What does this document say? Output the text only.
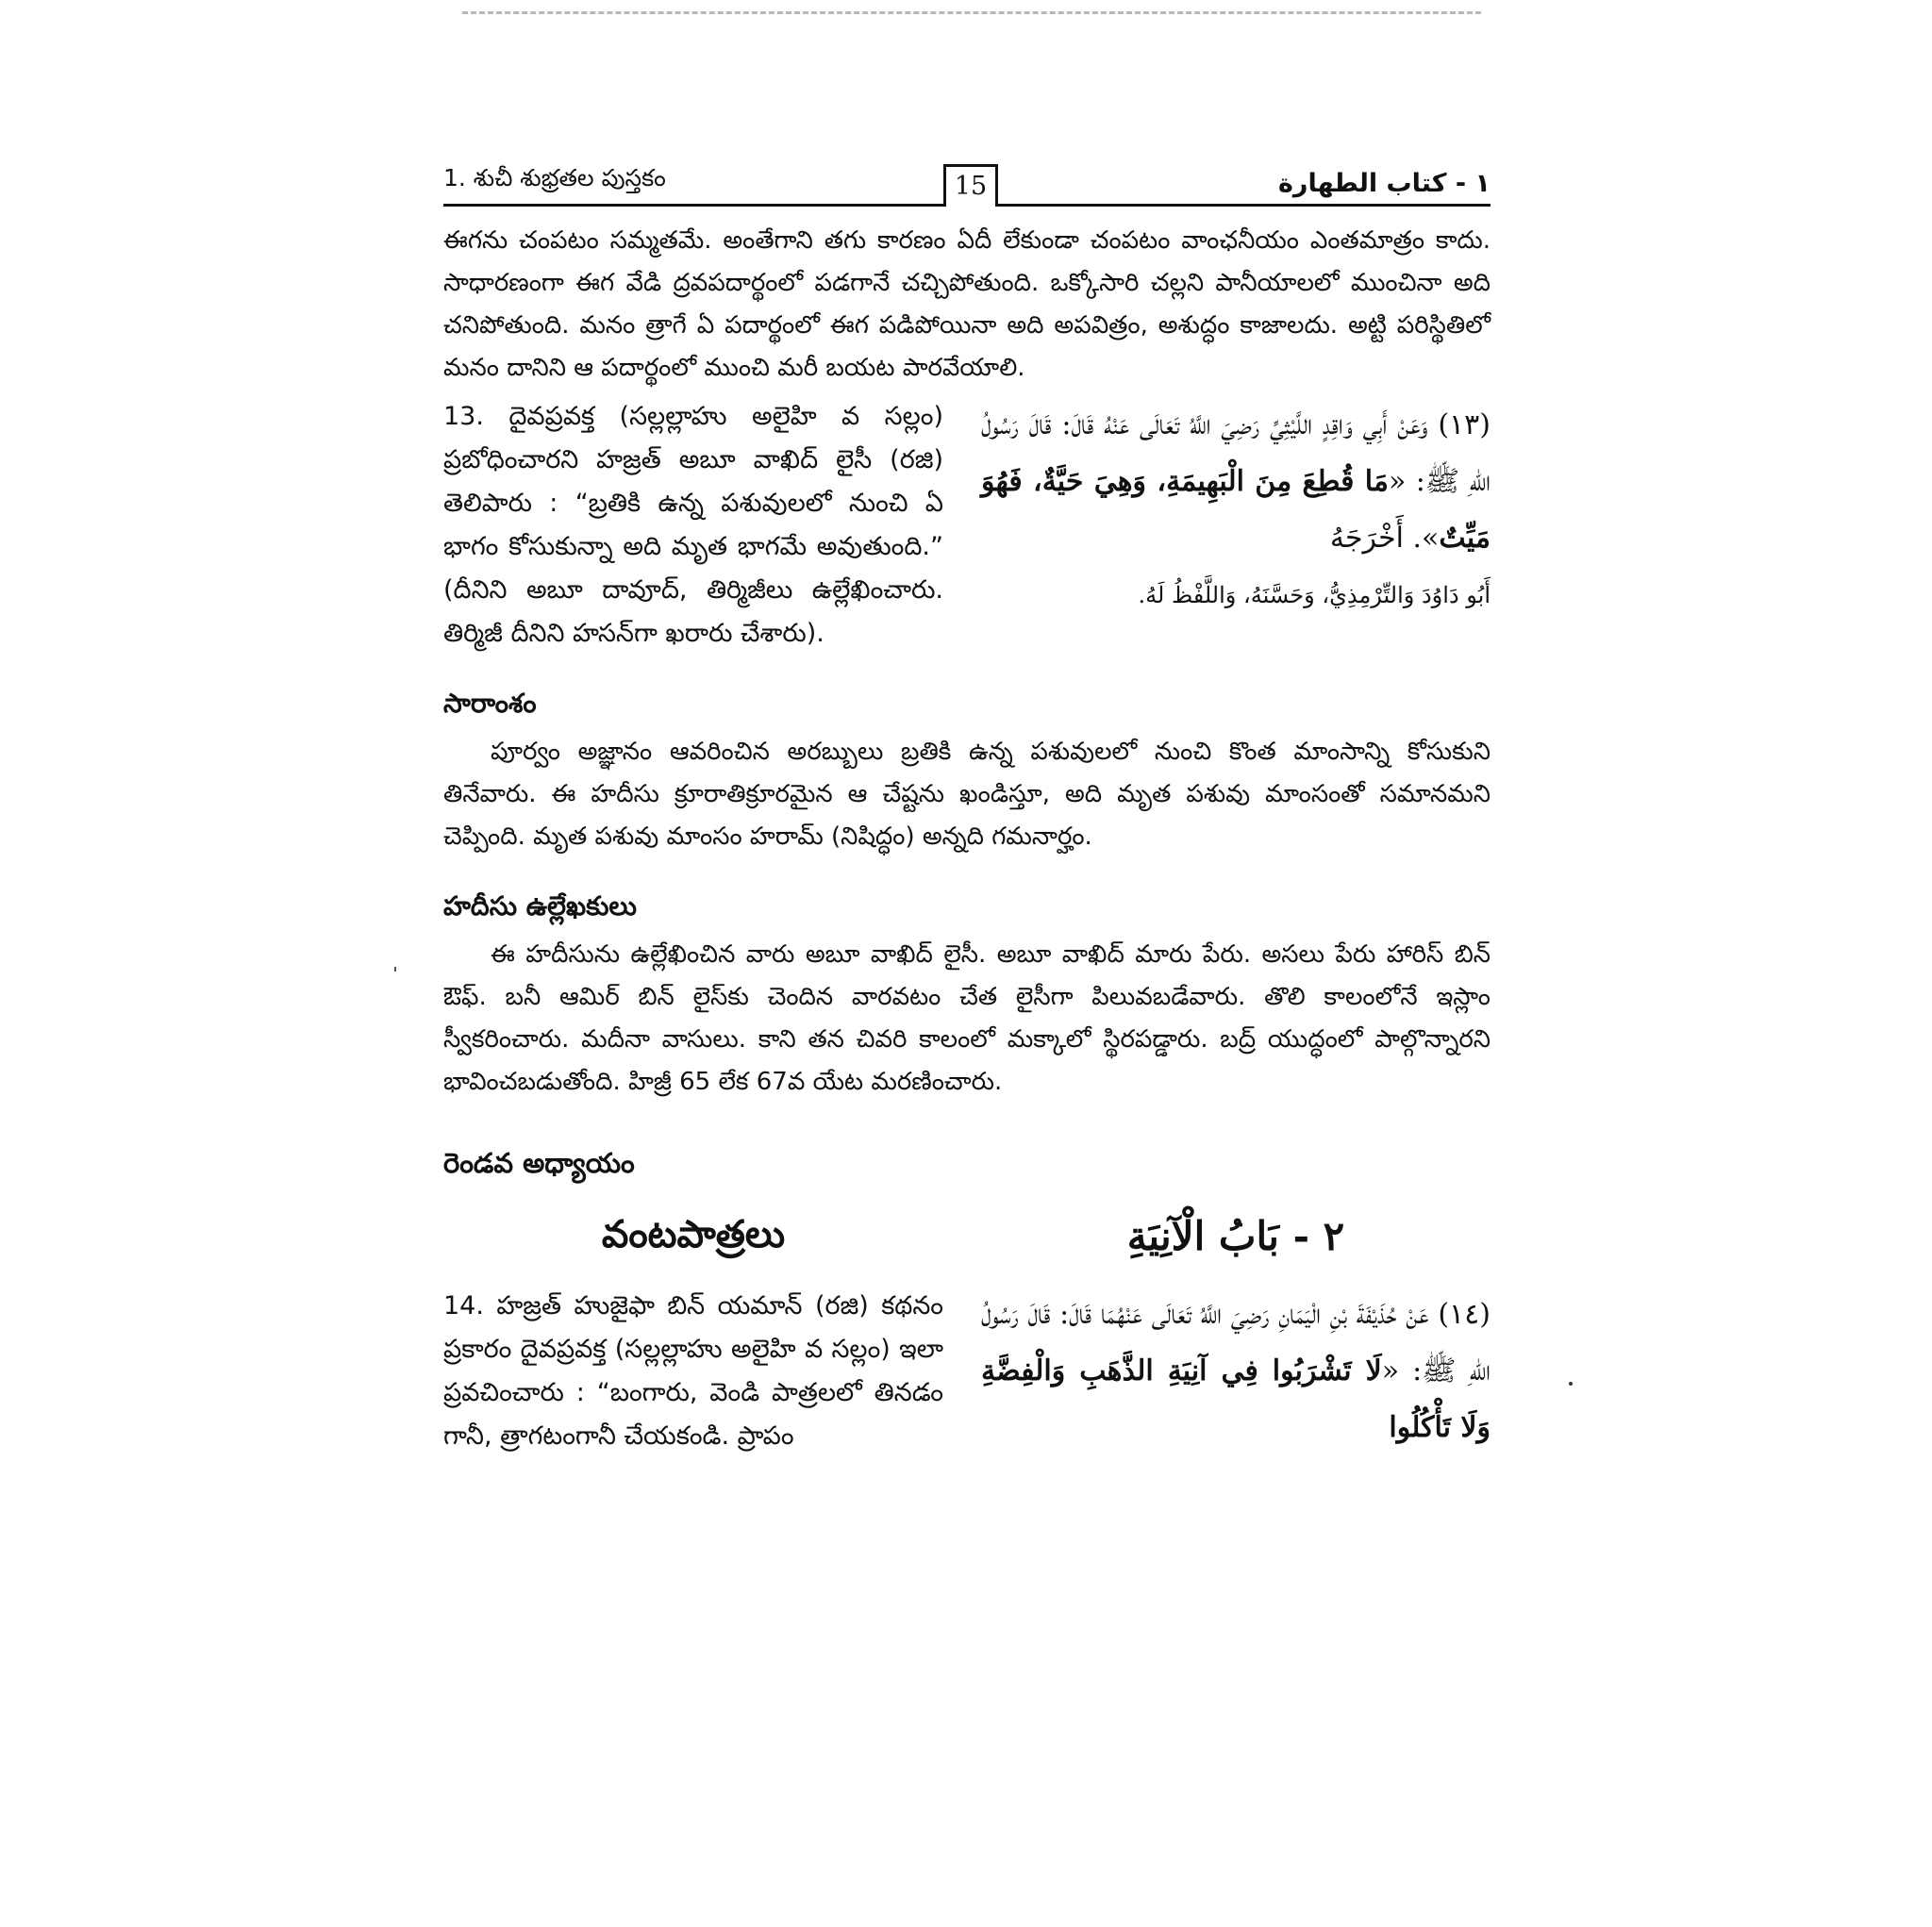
1. శుచీ శుభ్రతల పుస్తకం	15	١ - كتاب الطهارة

ఈగను చంపటం సమ్మతమే. అంతేగాని తగు కారణం ఏదీ లేకుండా చంపటం వాంఛనీయం ఎంతమాత్రం కాదు. సాధారణంగా ఈగ వేడి ద్రవపదార్థంలో పడగానే చచ్చిపోతుంది. ఒక్కోసారి చల్లని పానీయాలలో ముంచినా అది చనిపోతుంది. మనం త్రాగే ఏ పదార్థంలో ఈగ పడిపోయినా అది అపవిత్రం, అశుద్ధం కాజాలదు. అట్టి పరిస్థితిలో మనం దానిని ఆ పదార్థంలో ముంచి మరీ బయట పారవేయాలి.

13. దైవప్రవక్త (సల్లల్లాహు అలైహి వ సల్లం) ప్రబోధించారని హజ్రత్ అబూ వాఖిద్ లైసీ (రజి) తెలిపారు : “బ్రతికి ఉన్న పశువులలో నుంచి ఏ భాగం కోసుకున్నా అది మృత భాగమే అవుతుంది.” (దీనిని అబూ దావూద్, తిర్మిజీలు ఉల్లేఖించారు. తిర్మిజీ దీనిని హసన్‌గా ఖరారు చేశారు).
(١٣) وَعَنْ أَبِي وَاقِدٍ اللَّيْثِيِّ رَضِيَ اللَّهُ تَعَالَى عَنْهُ قَالَ: قَالَ رَسُولُ اللهِ ﷺ: «مَا قُطِعَ مِنَ الْبَهِيمَةِ، وَهِيَ حَيَّةٌ، فَهُوَ مَيِّتٌ». أَخْرَجَهُ
أَبُو دَاوُدَ وَالتِّرْمِذِيُّ، وَحَسَّنَهُ، وَاللَّفْظُ لَهُ.
సారాంశం

పూర్వం అజ్ఞానం ఆవరించిన అరబ్బులు బ్రతికి ఉన్న పశువులలో నుంచి కొంత మాంసాన్ని కోసుకుని తినేవారు. ఈ హదీసు క్రూరాతిక్రూరమైన ఆ చేష్టను ఖండిస్తూ, అది మృత పశువు మాంసంతో సమానమని చెప్పింది. మృత పశువు మాంసం హరామ్ (నిషిద్ధం) అన్నది గమనార్హం.

హదీసు ఉల్లేఖకులు

ఈ హదీసును ఉల్లేఖించిన వారు అబూ వాఖిద్ లైసీ. అబూ వాఖిద్ మారు పేరు. అసలు పేరు హారిస్ బిన్ ఔఫ్. బనీ ఆమిర్ బిన్ లైస్‌కు చెందిన వారవటం చేత లైసీగా పిలువబడేవారు. తొలి కాలంలోనే ఇస్లాం స్వీకరించారు. మదీనా వాసులు. కాని తన చివరి కాలంలో మక్కాలో స్థిరపడ్డారు. బద్ర్ యుద్ధంలో పాల్గొన్నారని భావించబడుతోంది. హిజ్రీ 65 లేక 67వ యేట మరణించారు.

రెండవ అధ్యాయం
వంటపాత్రలు	٢ - بَابُ الْآنِيَةِ
14. హజ్రత్ హుజైఫా బిన్ యమాన్ (రజి) కథనం ప్రకారం దైవప్రవక్త (సల్లల్లాహు అలైహి వ సల్లం) ఇలా ప్రవచించారు : “బంగారు, వెండి పాత్రలలో తినడం గానీ, త్రాగటంగానీ చేయకండి. ప్రాపం
(١٤) عَنْ حُذَيْفَةَ بْنِ الْيَمَانِ رَضِيَ اللَّهُ تَعَالَى عَنْهُمَا قَالَ: قَالَ رَسُولُ اللهِ ﷺ: «لَا تَشْرَبُوا فِي آنِيَةِ الذَّهَبِ وَالْفِضَّةِ وَلَا تَأْكُلُوا
